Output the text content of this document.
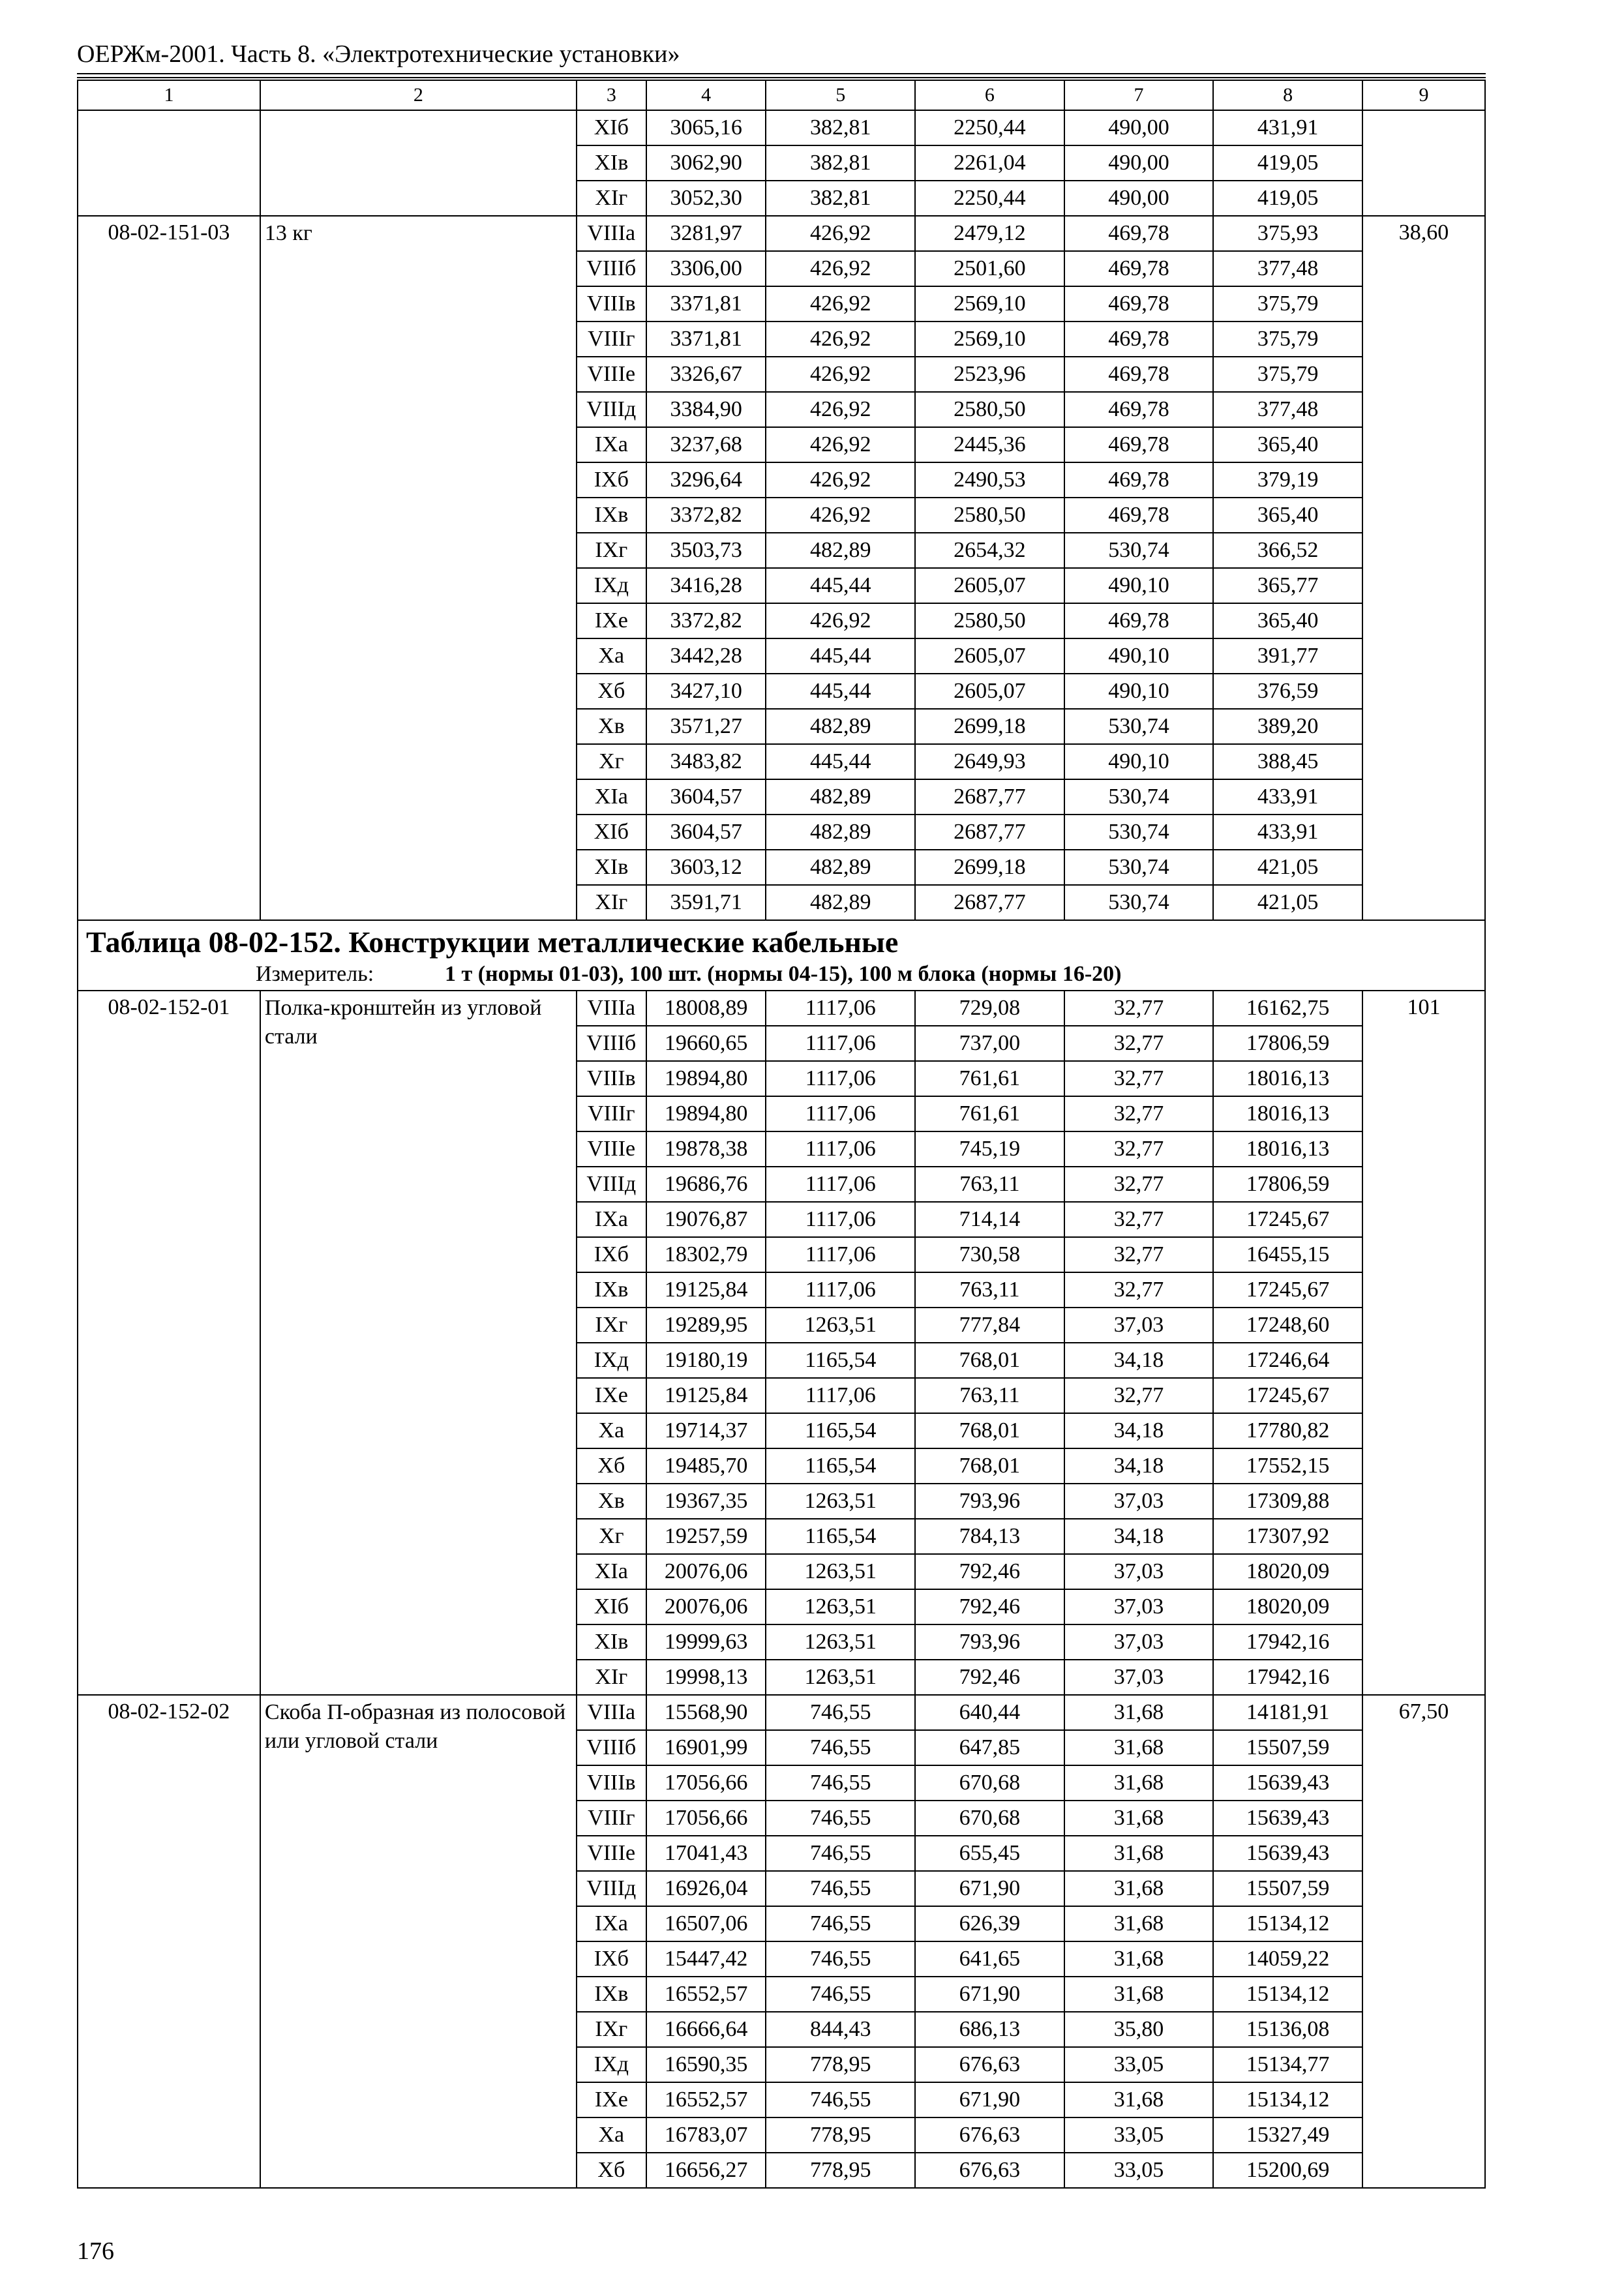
ОЕРЖм-2001. Часть 8. «Электротехнические установки»
1	2	3	4	5	6	7	8	9
		XIб	3065,16	382,81	2250,44	490,00	431,91	
		XIв	3062,90	382,81	2261,04	490,00	419,05	
		XIг	3052,30	382,81	2250,44	490,00	419,05	
08-02-151-03	13 кг	VIIIа	3281,97	426,92	2479,12	469,78	375,93	38,60
		VIIIб	3306,00	426,92	2501,60	469,78	377,48	
		VIIIв	3371,81	426,92	2569,10	469,78	375,79	
		VIIIг	3371,81	426,92	2569,10	469,78	375,79	
		VIIIе	3326,67	426,92	2523,96	469,78	375,79	
		VIIIд	3384,90	426,92	2580,50	469,78	377,48	
		IXа	3237,68	426,92	2445,36	469,78	365,40	
		IXб	3296,64	426,92	2490,53	469,78	379,19	
		IXв	3372,82	426,92	2580,50	469,78	365,40	
		IXг	3503,73	482,89	2654,32	530,74	366,52	
		IXд	3416,28	445,44	2605,07	490,10	365,77	
		IXе	3372,82	426,92	2580,50	469,78	365,40	
		Xа	3442,28	445,44	2605,07	490,10	391,77	
		Xб	3427,10	445,44	2605,07	490,10	376,59	
		Xв	3571,27	482,89	2699,18	530,74	389,20	
		Xг	3483,82	445,44	2649,93	490,10	388,45	
		XIа	3604,57	482,89	2687,77	530,74	433,91	
		XIб	3604,57	482,89	2687,77	530,74	433,91	
		XIв	3603,12	482,89	2699,18	530,74	421,05	
		XIг	3591,71	482,89	2687,77	530,74	421,05	

Таблица 08-02-152. Конструкции металлические кабельные
Измеритель: 1 т (нормы 01-03), 100 шт. (нормы 04-15), 100 м блока (нормы 16-20)								

08-02-152-01	Полка-кронштейн из угловой стали	VIIIа	18008,89	1117,06	729,08	32,77	16162,75	101
		VIIIб	19660,65	1117,06	737,00	32,77	17806,59	
		VIIIв	19894,80	1117,06	761,61	32,77	18016,13	
		VIIIг	19894,80	1117,06	761,61	32,77	18016,13	
		VIIIе	19878,38	1117,06	745,19	32,77	18016,13	
		VIIIд	19686,76	1117,06	763,11	32,77	17806,59	
		IXа	19076,87	1117,06	714,14	32,77	17245,67	
		IXб	18302,79	1117,06	730,58	32,77	16455,15	
		IXв	19125,84	1117,06	763,11	32,77	17245,67	
		IXг	19289,95	1263,51	777,84	37,03	17248,60	
		IXд	19180,19	1165,54	768,01	34,18	17246,64	
		IXе	19125,84	1117,06	763,11	32,77	17245,67	
		Xа	19714,37	1165,54	768,01	34,18	17780,82	
		Xб	19485,70	1165,54	768,01	34,18	17552,15	
		Xв	19367,35	1263,51	793,96	37,03	17309,88	
		Xг	19257,59	1165,54	784,13	34,18	17307,92	
		XIа	20076,06	1263,51	792,46	37,03	18020,09	
		XIб	20076,06	1263,51	792,46	37,03	18020,09	
		XIв	19999,63	1263,51	793,96	37,03	17942,16	
		XIг	19998,13	1263,51	792,46	37,03	17942,16	
08-02-152-02	Скоба П-образная из полосовой или угловой стали	VIIIа	15568,90	746,55	640,44	31,68	14181,91	67,50
		VIIIб	16901,99	746,55	647,85	31,68	15507,59	
		VIIIв	17056,66	746,55	670,68	31,68	15639,43	
		VIIIг	17056,66	746,55	670,68	31,68	15639,43	
		VIIIе	17041,43	746,55	655,45	31,68	15639,43	
		VIIIд	16926,04	746,55	671,90	31,68	15507,59	
		IXа	16507,06	746,55	626,39	31,68	15134,12	
		IXб	15447,42	746,55	641,65	31,68	14059,22	
		IXв	16552,57	746,55	671,90	31,68	15134,12	
		IXг	16666,64	844,43	686,13	35,80	15136,08	
		IXд	16590,35	778,95	676,63	33,05	15134,77	
		IXе	16552,57	746,55	671,90	31,68	15134,12	
		Xа	16783,07	778,95	676,63	33,05	15327,49	
		Xб	16656,27	778,95	676,63	33,05	15200,69	
176
